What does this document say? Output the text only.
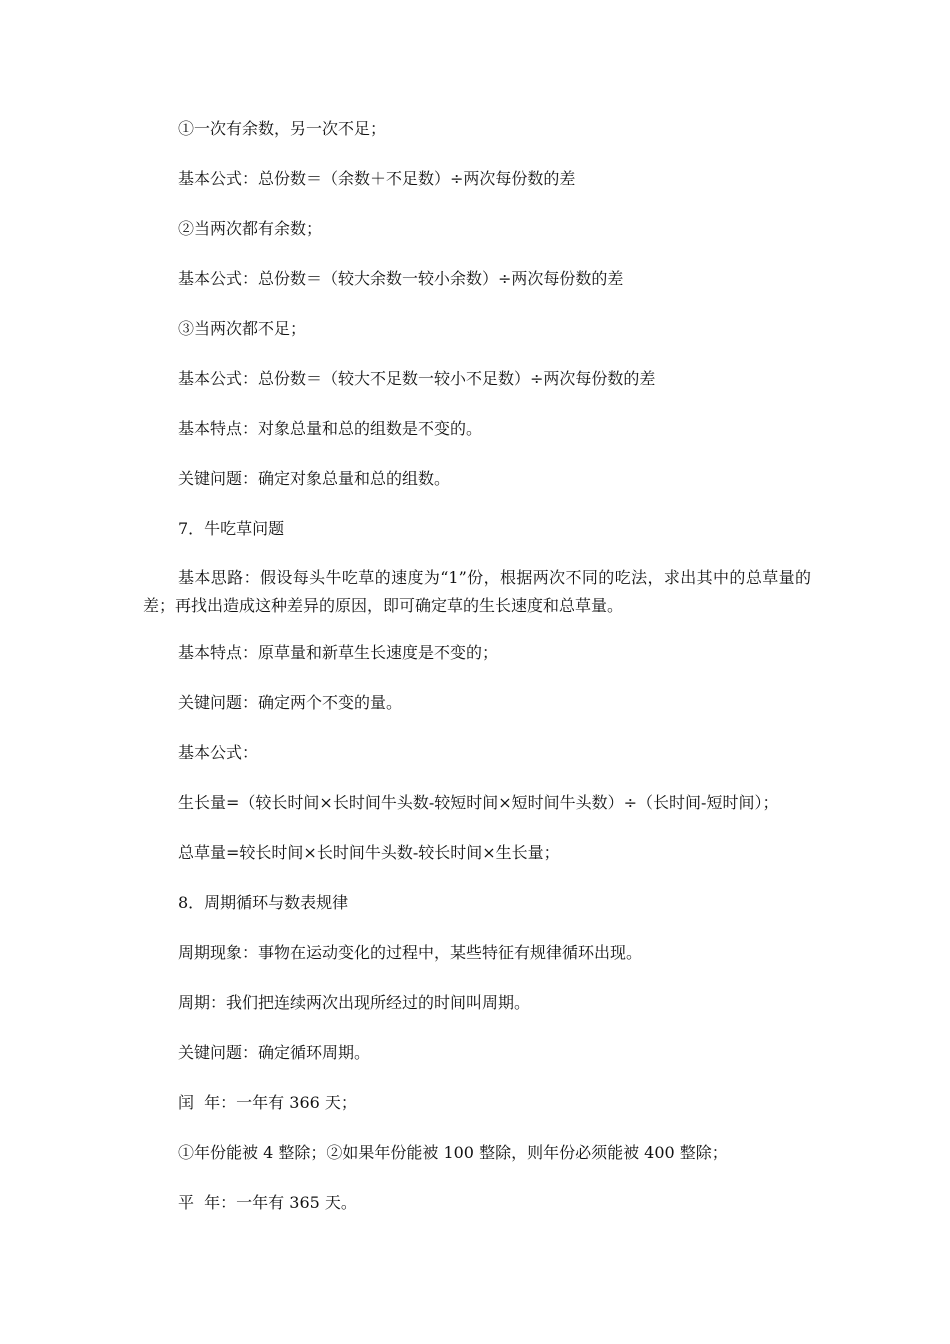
①一次有余数，另一次不足；
基本公式：总份数＝（余数＋不足数）÷两次每份数的差
②当两次都有余数；
基本公式：总份数＝（较大余数一较小余数）÷两次每份数的差
③当两次都不足；
基本公式：总份数＝（较大不足数一较小不足数）÷两次每份数的差
基本特点：对象总量和总的组数是不变的。
关键问题：确定对象总量和总的组数。
7．牛吃草问题
基本思路：假设每头牛吃草的速度为“1”份，根据两次不同的吃法，求出其中的总草量的差；再找出造成这种差异的原因，即可确定草的生长速度和总草量。
基本特点：原草量和新草生长速度是不变的；
关键问题：确定两个不变的量。
基本公式：
生长量=（较长时间×长时间牛头数-较短时间×短时间牛头数）÷（长时间-短时间）；
总草量=较长时间×长时间牛头数-较长时间×生长量；
8．周期循环与数表规律
周期现象：事物在运动变化的过程中，某些特征有规律循环出现。
周期：我们把连续两次出现所经过的时间叫周期。
关键问题：确定循环周期。
闰  年：一年有 366 天；
①年份能被 4 整除；②如果年份能被 100 整除，则年份必须能被 400 整除；
平  年：一年有 365 天。
